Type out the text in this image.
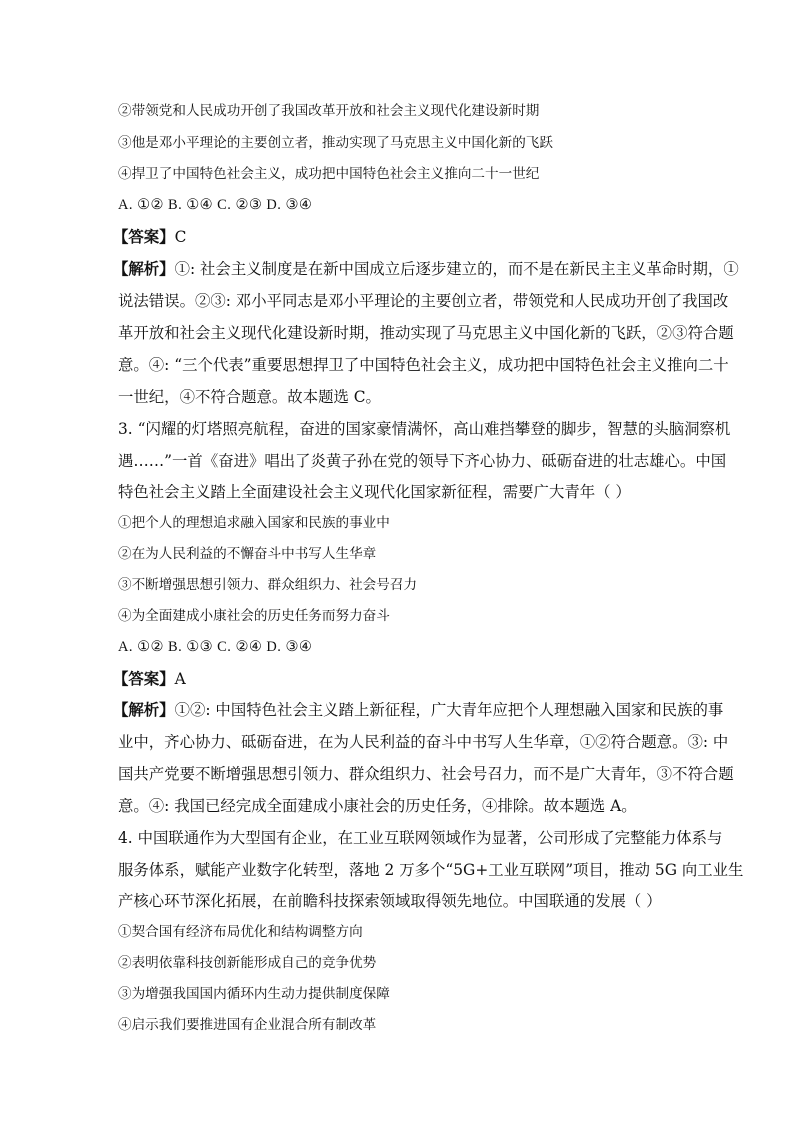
②带领党和人民成功开创了我国改革开放和社会主义现代化建设新时期
③他是邓小平理论的主要创立者，推动实现了马克思主义中国化新的飞跃
④捍卫了中国特色社会主义，成功把中国特色社会主义推向二十一世纪
A. ①② B. ①④ C. ②③ D. ③④
【答案】C
【解析】①: 社会主义制度是在新中国成立后逐步建立的，而不是在新民主主义革命时期，①
说法错误。②③: 邓小平同志是邓小平理论的主要创立者，带领党和人民成功开创了我国改
革开放和社会主义现代化建设新时期，推动实现了马克思主义中国化新的飞跃，②③符合题
意。④: “三个代表”重要思想捍卫了中国特色社会主义，成功把中国特色社会主义推向二十
一世纪，④不符合题意。故本题选 C。
3. “闪耀的灯塔照亮航程，奋进的国家豪情满怀，高山难挡攀登的脚步，智慧的头脑洞察机
遇……”一首《奋进》唱出了炎黄子孙在党的领导下齐心协力、砥砺奋进的壮志雄心。中国
特色社会主义踏上全面建设社会主义现代化国家新征程，需要广大青年（ ）
①把个人的理想追求融入国家和民族的事业中
②在为人民利益的不懈奋斗中书写人生华章
③不断增强思想引领力、群众组织力、社会号召力
④为全面建成小康社会的历史任务而努力奋斗
A. ①② B. ①③ C. ②④ D. ③④
【答案】A
【解析】①②: 中国特色社会主义踏上新征程，广大青年应把个人理想融入国家和民族的事
业中，齐心协力、砥砺奋进，在为人民利益的奋斗中书写人生华章，①②符合题意。③: 中
国共产党要不断增强思想引领力、群众组织力、社会号召力，而不是广大青年，③不符合题
意。④: 我国已经完成全面建成小康社会的历史任务，④排除。故本题选 A。
4. 中国联通作为大型国有企业，在工业互联网领域作为显著，公司形成了完整能力体系与
服务体系，赋能产业数字化转型，落地 2 万多个“5G+工业互联网”项目，推动 5G 向工业生
产核心环节深化拓展，在前瞻科技探索领域取得领先地位。中国联通的发展（ ）
①契合国有经济布局优化和结构调整方向
②表明依靠科技创新能形成自己的竞争优势
③为增强我国国内循环内生动力提供制度保障
④启示我们要推进国有企业混合所有制改革
